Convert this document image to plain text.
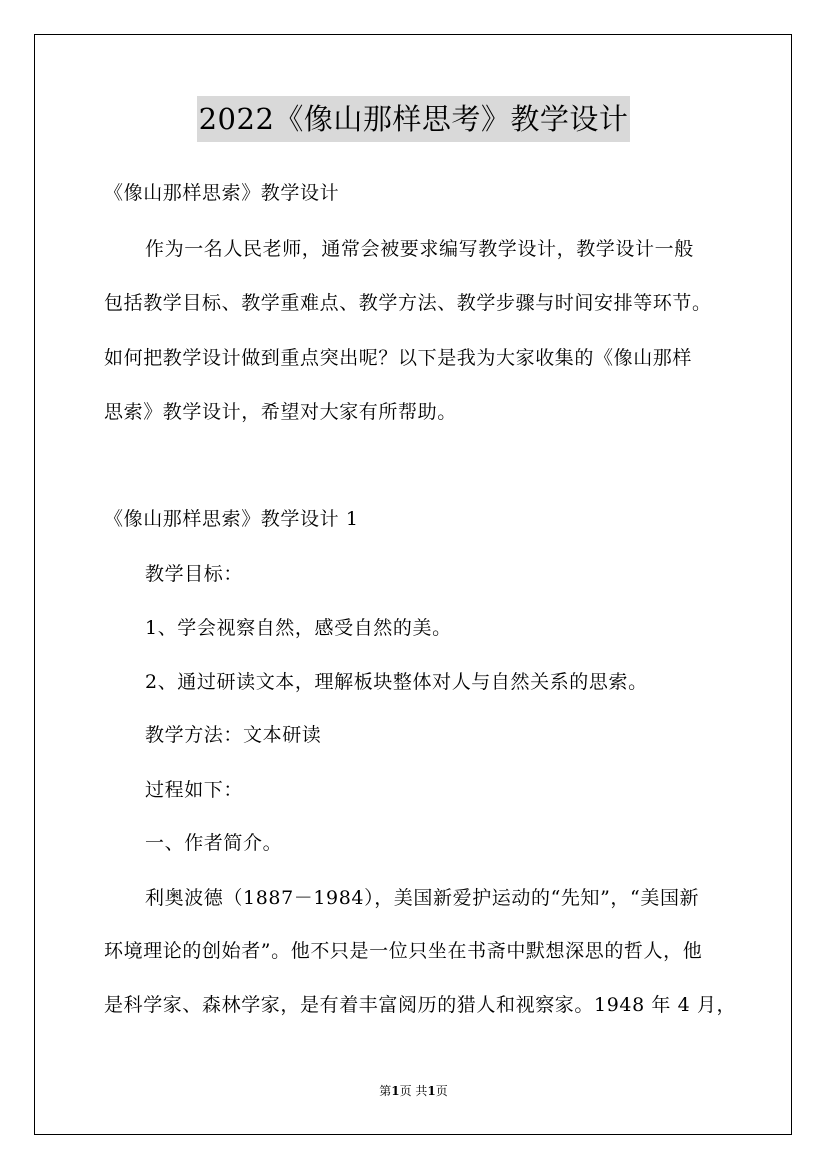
2022《像山那样思考》教学设计
《像山那样思索》教学设计
作为一名人民老师，通常会被要求编写教学设计，教学设计一般
包括教学目标、教学重难点、教学方法、教学步骤与时间安排等环节。
如何把教学设计做到重点突出呢？以下是我为大家收集的《像山那样
思索》教学设计，希望对大家有所帮助。
《像山那样思索》教学设计 1
教学目标：
1、学会视察自然，感受自然的美。
2、通过研读文本，理解板块整体对人与自然关系的思索。
教学方法：文本研读
过程如下：
一、作者简介。
利奥波德（1887－1984），美国新爱护运动的“先知”，“美国新
环境理论的创始者”。他不只是一位只坐在书斋中默想深思的哲人，他
是科学家、森林学家，是有着丰富阅历的猎人和视察家。1948 年 4 月，
第1页 共1页
